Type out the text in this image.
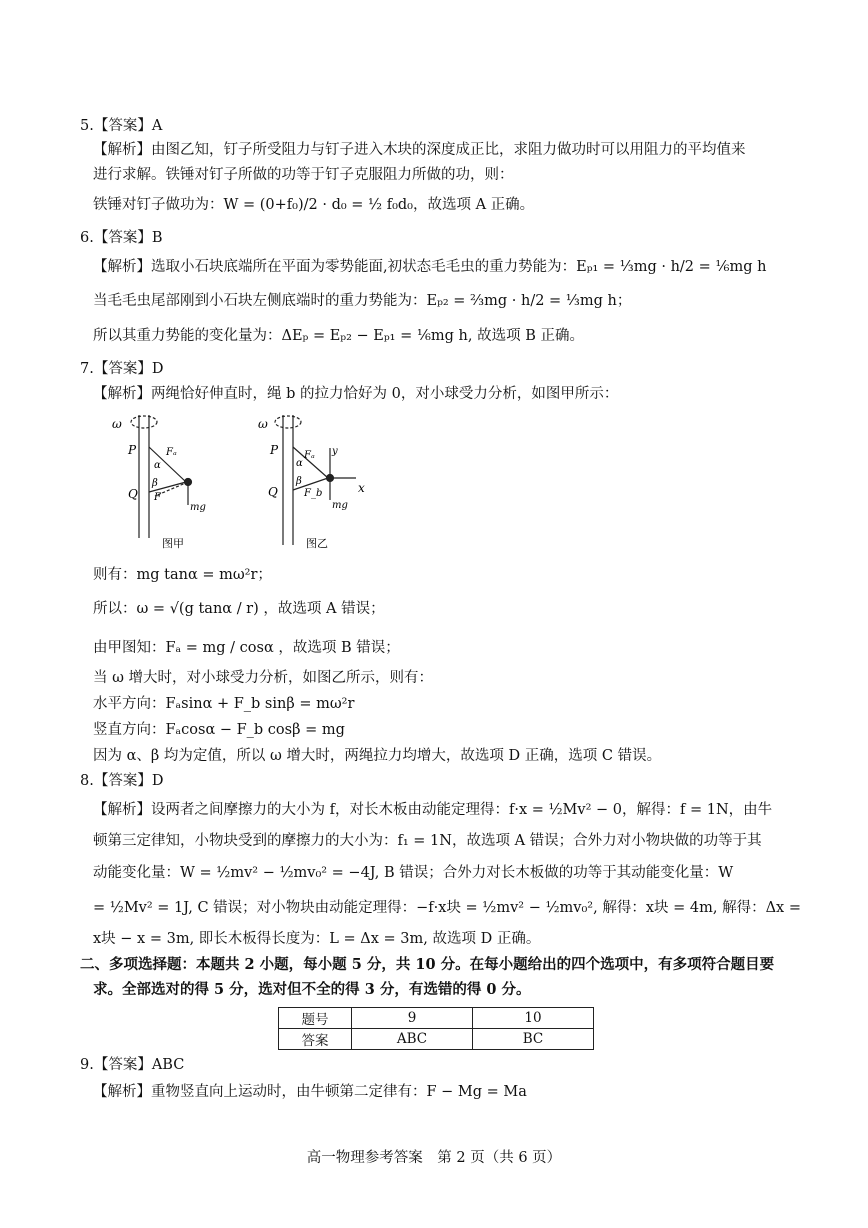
5.【答案】A
【解析】由图乙知，钉子所受阻力与钉子进入木块的深度成正比，求阻力做功时可以用阻力的平均值来
进行求解。铁锤对钉子所做的功等于钉子克服阻力所做的功，则：
铁锤对钉子做功为：W = (0+f₀)/2 · d₀ = ½ f₀d₀，故选项 A 正确。
6.【答案】B
【解析】选取小石块底端所在平面为零势能面,初状态毛毛虫的重力势能为：Eₚ₁ = ⅓mg · h/2 = ⅙mg h
当毛毛虫尾部刚到小石块左侧底端时的重力势能为：Eₚ₂ = ⅔mg · h/2 = ⅓mg h；
所以其重力势能的变化量为：ΔEₚ = Eₚ₂ − Eₚ₁ = ⅙mg h, 故选项 B 正确。
7.【答案】D
【解析】两绳恰好伸直时，绳 b 的拉力恰好为 0，对小球受力分析，如图甲所示：
ω
P
Q
Fₐ
α
β
F
mg
图甲
ω
P
Q
y
Fₐ
α
β
F_b	x
mg
图乙
则有：mg tanα = mω²r；
所以：ω = √(g tanα / r) ，故选项 A 错误；
由甲图知：Fₐ = mg / cosα ，故选项 B 错误；
当 ω 增大时，对小球受力分析，如图乙所示，则有：
水平方向：Fₐsinα + F_b sinβ = mω²r
竖直方向：Fₐcosα − F_b cosβ = mg
因为 α、β 均为定值，所以 ω 增大时，两绳拉力均增大，故选项 D 正确，选项 C 错误。
8.【答案】D
【解析】设两者之间摩擦力的大小为 f，对长木板由动能定理得：f·x = ½Mv² − 0，解得：f = 1N，由牛
顿第三定律知，小物块受到的摩擦力的大小为：f₁ = 1N，故选项 A 错误；合外力对小物块做的功等于其
动能变化量：W = ½mv² − ½mv₀² = −4J, B 错误；合外力对长木板做的功等于其动能变化量：W
= ½Mv² = 1J, C 错误；对小物块由动能定理得：−f·x块 = ½mv² − ½mv₀², 解得：x块 = 4m, 解得：Δx =
x块 − x = 3m, 即长木板得长度为：L = Δx = 3m, 故选项 D 正确。
二、多项选择题：本题共 2 小题，每小题 5 分，共 10 分。在每小题给出的四个选项中，有多项符合题目要
求。全部选对的得 5 分，选对但不全的得 3 分，有选错的得 0 分。
题号	9	10
答案	ABC	BC
9.【答案】ABC
【解析】重物竖直向上运动时，由牛顿第二定律有：F − Mg = Ma
高一物理参考答案　第 2 页（共 6 页）
